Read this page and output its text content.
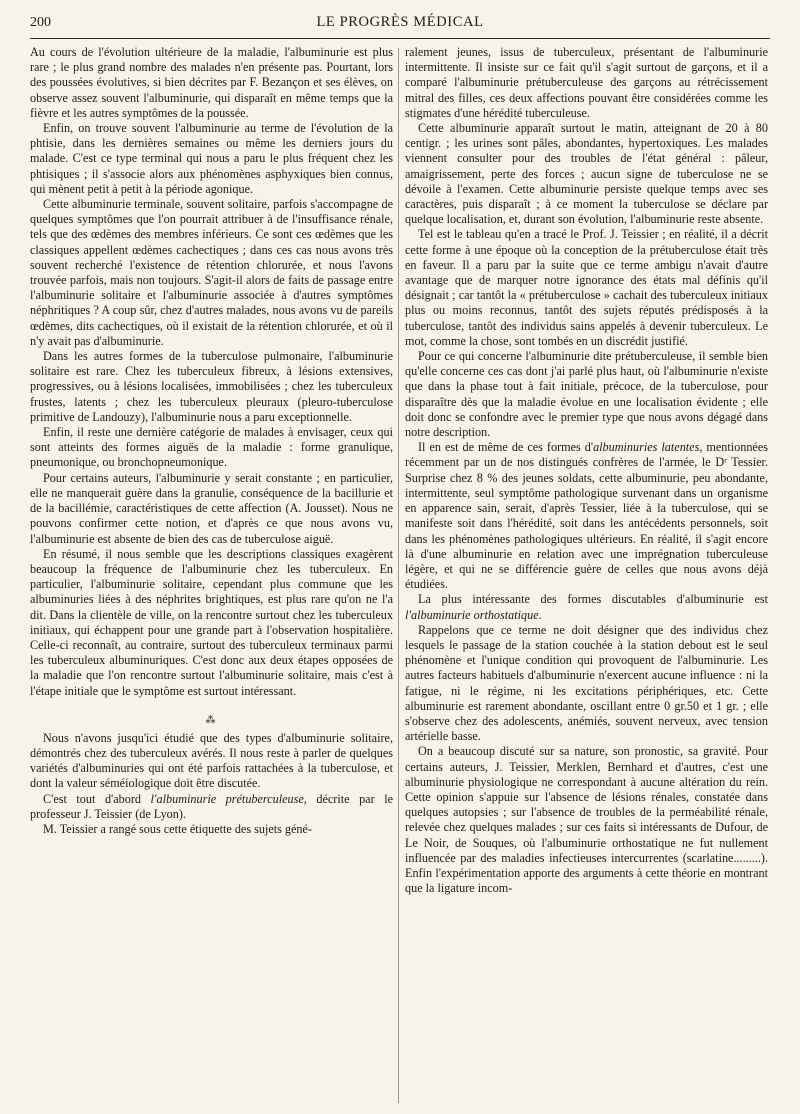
200	LE PROGRÈS MÉDICAL

Au cours de l'évolution ultérieure de la maladie, l'albuminurie est plus rare ; le plus grand nombre des malades n'en présente pas. Pourtant, lors des poussées évolutives, si bien décrites par F. Bezançon et ses élèves, on observe assez souvent l'albuminurie, qui disparaît en même temps que la fièvre et les autres symptômes de la poussée.

Enfin, on trouve souvent l'albuminurie au terme de l'évolution de la phtisie, dans les dernières semaines ou même les derniers jours du malade. C'est ce type terminal qui nous a paru le plus fréquent chez les phtisiques ; il s'associe alors aux phénomènes asphyxiques bien connus, qui mènent petit à petit à la période agonique.

Cette albuminurie terminale, souvent solitaire, parfois s'accompagne de quelques symptômes que l'on pourrait attribuer à de l'insuffisance rénale, tels que des œdèmes des membres inférieurs. Ce sont ces œdèmes que les classiques appellent œdèmes cachectiques ; dans ces cas nous avons très souvent recherché l'existence de rétention chlorurée, et nous l'avons trouvée parfois, mais non toujours. S'agit-il alors de faits de passage entre l'albuminurie solitaire et l'albuminurie associée à d'autres symptômes néphritiques ? A coup sûr, chez d'autres malades, nous avons vu de pareils œdèmes, dits cachectiques, où il existait de la rétention chlorurée, et où il n'y avait pas d'albuminurie.

Dans les autres formes de la tuberculose pulmonaire, l'albuminurie solitaire est rare. Chez les tuberculeux fibreux, à lésions extensives, progressives, ou à lésions localisées, immobilisées ; chez les tuberculeux frustes, latents ; chez les tuberculeux pleuraux (pleuro-tuberculose primitive de Landouzy), l'albuminurie nous a paru exceptionnelle.

Enfin, il reste une dernière catégorie de malades à envisager, ceux qui sont atteints des formes aiguës de la maladie : forme granulique, pneumonique, ou bronchopneumonique.

Pour certains auteurs, l'albuminurie y serait constante ; en particulier, elle ne manquerait guère dans la granulie, conséquence de la bacillurie et de la bacillémie, caractéristiques de cette affection (A. Jousset). Nous ne pouvons confirmer cette notion, et d'après ce que nous avons vu, l'albuminurie est absente de bien des cas de tuberculose aiguë.

En résumé, il nous semble que les descriptions classiques exagèrent beaucoup la fréquence de l'albuminurie chez les tuberculeux. En particulier, l'albuminurie solitaire, cependant plus commune que les albuminuries liées à des néphrites brightiques, est plus rare qu'on ne l'a dit. Dans la clientèle de ville, on la rencontre surtout chez les tuberculeux initiaux, qui échappent pour une grande part à l'observation hospitalière. Celle-ci reconnaît, au contraire, surtout des tuberculeux terminaux parmi les tuberculeux albuminuriques. C'est donc aux deux étapes opposées de la maladie que l'on rencontre surtout l'albuminurie solitaire, mais c'est à l'étape initiale que le symptôme est surtout intéressant.

⁂

Nous n'avons jusqu'ici étudié que des types d'albuminurie solitaire, démontrés chez des tuberculeux avérés. Il nous reste à parler de quelques variétés d'albuminuries qui ont été parfois rattachées à la tuberculose, et dont la valeur séméiologique doit être discutée.

C'est tout d'abord l'albuminurie prétuberculeuse, décrite par le professeur J. Teissier (de Lyon).

M. Teissier a rangé sous cette étiquette des sujets géné-

ralement jeunes, issus de tuberculeux, présentant de l'albuminurie intermittente. Il insiste sur ce fait qu'il s'agit surtout de garçons, et il a comparé l'albuminurie prétuberculeuse des garçons au rétrécissement mitral des filles, ces deux affections pouvant être considérées comme les stigmates d'une hérédité tuberculeuse.

Cette albuminurie apparaît surtout le matin, atteignant de 20 à 80 centigr. ; les urines sont pâles, abondantes, hypertoxiques. Les malades viennent consulter pour des troubles de l'état général : pâleur, amaigrissement, perte des forces ; aucun signe de tuberculose ne se dévoile à l'examen. Cette albuminurie persiste quelque temps avec ses caractères, puis disparaît ; à ce moment la tuberculose se déclare par quelque localisation, et, durant son évolution, l'albuminurie reste absente.

Tel est le tableau qu'en a tracé le Prof. J. Teissier ; en réalité, il a décrit cette forme à une époque où la conception de la prétuberculose était très en faveur. Il a paru par la suite que ce terme ambigu n'avait d'autre avantage que de marquer notre ignorance des états mal définis qu'il désignait ; car tantôt la « prétuberculose » cachait des tuberculeux initiaux plus ou moins reconnus, tantôt des sujets réputés prédisposés à la tuberculose, tantôt des individus sains appelés à devenir tuberculeux. Le mot, comme la chose, sont tombés en un discrédit justifié.

Pour ce qui concerne l'albuminurie dite prétuberculeuse, il semble bien qu'elle concerne ces cas dont j'ai parlé plus haut, où l'albuminurie n'existe que dans la phase tout à fait initiale, précoce, de la tuberculose, pour disparaître dès que la maladie évolue en une localisation évidente ; elle doit donc se confondre avec le premier type que nous avons dégagé dans notre description.

Il en est de même de ces formes d'albuminuries latentes, mentionnées récemment par un de nos distingués confrères de l'armée, le Dʳ Tessier. Surprise chez 8 % des jeunes soldats, cette albuminurie, peu abondante, intermittente, seul symptôme pathologique survenant dans un organisme en apparence sain, serait, d'après Tessier, liée à la tuberculose, qui se manifeste soit dans l'hérédité, soit dans les antécédents personnels, soit dans les phénomènes pathologiques ultérieurs. En réalité, il s'agit encore là d'une albuminurie en relation avec une imprégnation tuberculeuse légère, et qui ne se différencie guère de celles que nous avons déjà étudiées.

La plus intéressante des formes discutables d'albuminurie est l'albuminurie orthostatique.

Rappelons que ce terme ne doit désigner que des individus chez lesquels le passage de la station couchée à la station debout est le seul phénomène et l'unique condition qui provoquent de l'albuminurie. Les autres facteurs habituels d'albuminurie n'exercent aucune influence : ni la fatigue, ni le régime, ni les excitations périphériques, etc. Cette albuminurie est rarement abondante, oscillant entre 0 gr.50 et 1 gr. ; elle s'observe chez des adolescents, anémiés, souvent nerveux, avec tension artérielle basse.

On a beaucoup discuté sur sa nature, son pronostic, sa gravité. Pour certains auteurs, J. Teissier, Merklen, Bernhard et d'autres, c'est une albuminurie physiologique ne correspondant à aucune altération du rein. Cette opinion s'appuie sur l'absence de lésions rénales, constatée dans quelques autopsies ; sur l'absence de troubles de la perméabilité rénale, relevée chez quelques malades ; sur ces faits si intéressants de Dufour, de Le Noir, de Souques, où l'albuminurie orthostatique ne fut nullement influencée par des maladies infectieuses intercurrentes (scarlatine.........). Enfin l'expérimentation apporte des arguments à cette théorie en montrant que la ligature incom-
